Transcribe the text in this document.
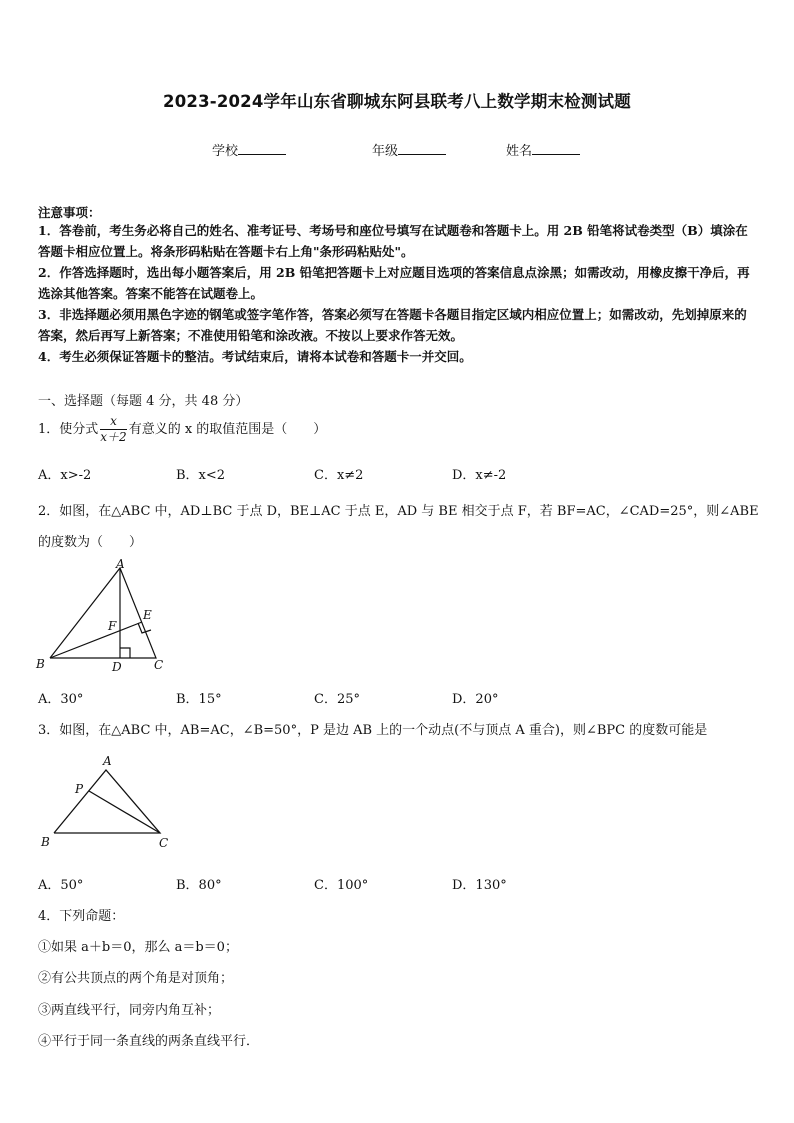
2023-2024学年山东省聊城东阿县联考八上数学期末检测试题
学校	年级	姓名
注意事项：
1．答卷前，考生务必将自己的姓名、准考证号、考场号和座位号填写在试题卷和答题卡上。用 2B 铅笔将试卷类型（B）填涂在答题卡相应位置上。将条形码粘贴在答题卡右上角"条形码粘贴处"。
2．作答选择题时，选出每小题答案后，用 2B 铅笔把答题卡上对应题目选项的答案信息点涂黑；如需改动，用橡皮擦干净后，再选涂其他答案。答案不能答在试题卷上。
3．非选择题必须用黑色字迹的钢笔或签字笔作答，答案必须写在答题卡各题目指定区域内相应位置上；如需改动，先划掉原来的答案，然后再写上新答案；不准使用铅笔和涂改液。不按以上要求作答无效。
4．考生必须保证答题卡的整洁。考试结束后，请将本试卷和答题卡一并交回。
一、选择题（每题 4 分，共 48 分）
1．使分式 $\frac{x}{x+2}$ 有意义的 x 的取值范围是（　　）
A．x>-2	B．x<2	C．x≠2	D．x≠-2
2．如图，在△ABC 中，AD⊥BC 于点 D，BE⊥AC 于点 E，AD 与 BE 相交于点 F，若 BF=AC，∠CAD=25°，则∠ABE
的度数为（　　）
A
B	C
D
E
F
A．30°	B．15°	C．25°	D．20°
3．如图，在△ABC 中，AB=AC，∠B=50°，P 是边 AB 上的一个动点(不与顶点 A 重合)，则∠BPC 的度数可能是
A
B	C
P
A．50°	B．80°	C．100°	D．130°
4．下列命题：
①如果 a＋b＝0，那么 a＝b＝0；
②有公共顶点的两个角是对顶角；
③两直线平行，同旁内角互补；
④平行于同一条直线的两条直线平行．
